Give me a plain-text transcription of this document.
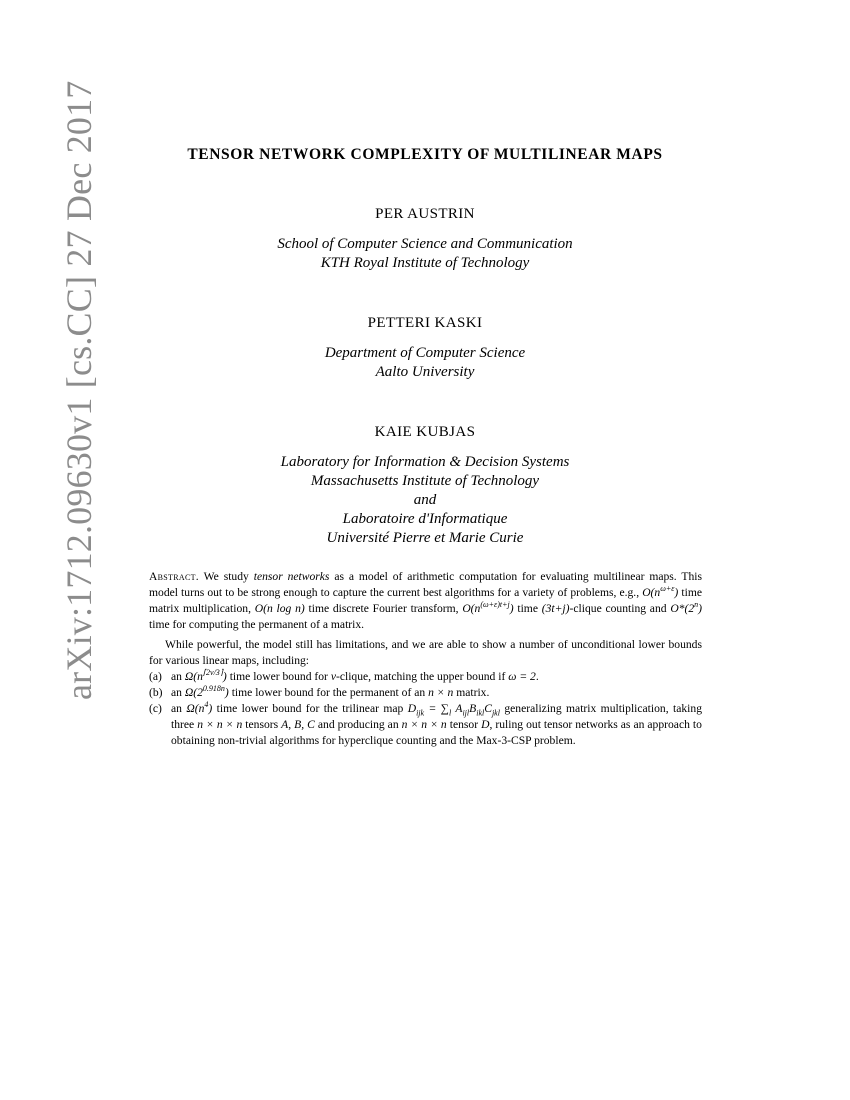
arXiv:1712.09630v1 [cs.CC] 27 Dec 2017	TENSOR NETWORK COMPLEXITY OF MULTILINEAR MAPS
PER AUSTRIN
School of Computer Science and Communication
KTH Royal Institute of Technology
PETTERI KASKI
Department of Computer Science
Aalto University
KAIE KUBJAS
Laboratory for Information & Decision Systems
Massachusetts Institute of Technology
and
Laboratoire d'Informatique
Université Pierre et Marie Curie

Abstract. We study tensor networks as a model of arithmetic computation for evaluating multilinear maps. This model turns out to be strong enough to capture the current best algorithms for a variety of problems, e.g., $O(n^{\omega+\varepsilon})$ time matrix multiplication, O(n log n) time discrete Fourier transform, $O(n^{(\omega+\varepsilon)t+j})$ time (3t+j)-clique counting and O*(2$^n$) time for computing the permanent of a matrix.

While powerful, the model still has limitations, and we are able to show a number of unconditional lower bounds for various linear maps, including:

(a) an $\Omega(n^{⌈2v/3⌉})$ time lower bound for v-clique, matching the upper bound if ω = 2.
(b) an $\Omega(2^{0.918n})$ time lower bound for the permanent of an n × n matrix.
(c) an $\Omega(n^4)$ time lower bound for the trilinear map $D_{ijk} = \sum_l$ $A_{ijl}B_{ikl}C_{jkl}$ generalizing matrix multiplication, taking three n × n × n tensors A, B, C and producing an n × n × n tensor D, ruling out tensor networks as an approach to obtaining non-trivial algorithms for hyperclique counting and the Max-3-CSP problem.
